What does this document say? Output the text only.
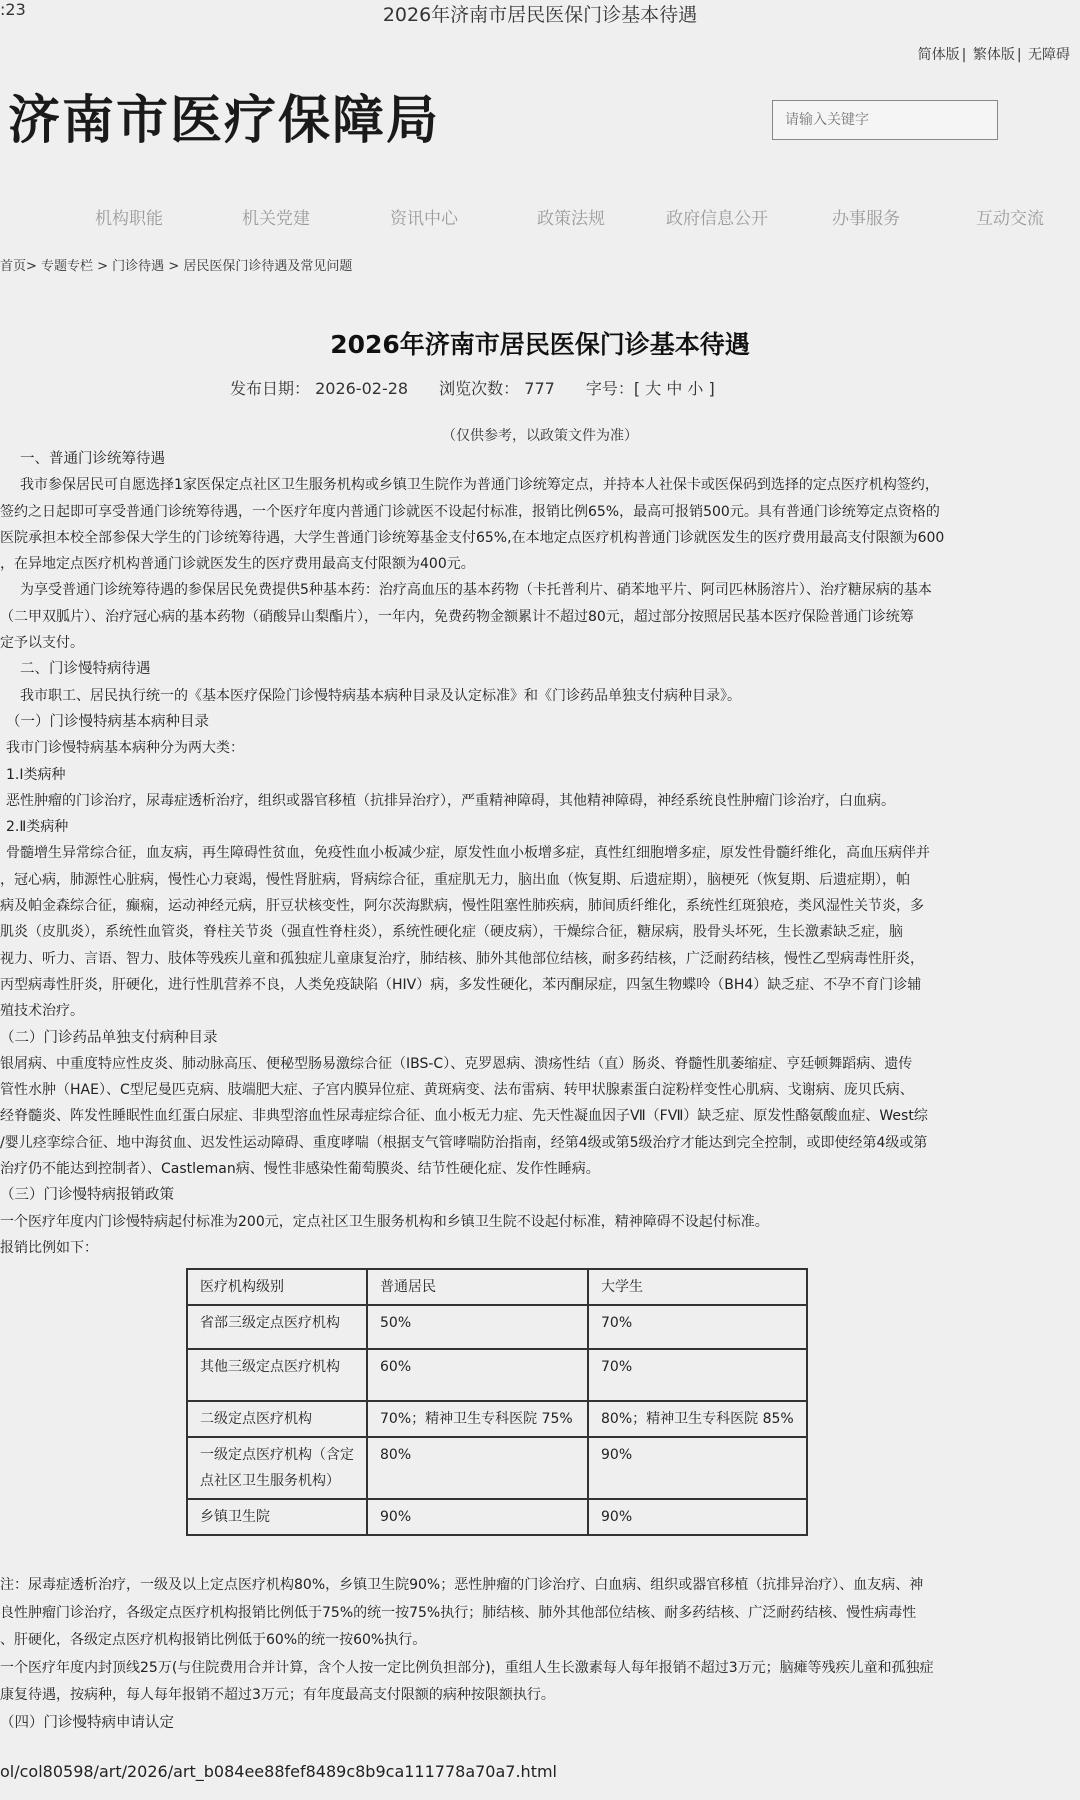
:23	2026年济南市居民医保门诊基本待遇
简体版 | 繁体版 | 无障碍
济南市医疗保障局
请输入关键字
机构职能	机关党建	资讯中心	政策法规	政府信息公开	办事服务	互动交流
首页> 专题专栏 > 门诊待遇 > 居民医保门诊待遇及常见问题
2026年济南市居民医保门诊基本待遇
发布日期： 2026-02-28 浏览次数： 777 字号：[ 大 中 小 ]
（仅供参考，以政策文件为准）

一、普通门诊统筹待遇

我市参保居民可自愿选择1家医保定点社区卫生服务机构或乡镇卫生院作为普通门诊统筹定点，并持本人社保卡或医保码到选择的定点医疗机构签约，

签约之日起即可享受普通门诊统筹待遇，一个医疗年度内普通门诊就医不设起付标准，报销比例65%，最高可报销500元。具有普通门诊统筹定点资格的

医院承担本校全部参保大学生的门诊统筹待遇，大学生普通门诊统筹基金支付65%,在本地定点医疗机构普通门诊就医发生的医疗费用最高支付限额为600

，在异地定点医疗机构普通门诊就医发生的医疗费用最高支付限额为400元。

为享受普通门诊统筹待遇的参保居民免费提供5种基本药：治疗高血压的基本药物（卡托普利片、硝苯地平片、阿司匹林肠溶片）、治疗糖尿病的基本

（二甲双胍片）、治疗冠心病的基本药物（硝酸异山梨酯片），一年内，免费药物金额累计不超过80元，超过部分按照居民基本医疗保险普通门诊统筹

定予以支付。

二、门诊慢特病待遇

我市职工、居民执行统一的《基本医疗保险门诊慢特病基本病种目录及认定标准》和《门诊药品单独支付病种目录》。

（一）门诊慢特病基本病种目录

我市门诊慢特病基本病种分为两大类：

1.Ⅰ类病种

恶性肿瘤的门诊治疗，尿毒症透析治疗，组织或器官移植（抗排异治疗），严重精神障碍，其他精神障碍，神经系统良性肿瘤门诊治疗，白血病。

2.Ⅱ类病种

骨髓增生异常综合征，血友病，再生障碍性贫血，免疫性血小板减少症，原发性血小板增多症，真性红细胞增多症，原发性骨髓纤维化，高血压病伴并

，冠心病，肺源性心脏病，慢性心力衰竭，慢性肾脏病，肾病综合征，重症肌无力，脑出血（恢复期、后遗症期），脑梗死（恢复期、后遗症期），帕

病及帕金森综合征，癫痫，运动神经元病，肝豆状核变性，阿尔茨海默病，慢性阻塞性肺疾病，肺间质纤维化，系统性红斑狼疮，类风湿性关节炎，多

肌炎（皮肌炎），系统性血管炎，脊柱关节炎（强直性脊柱炎），系统性硬化症（硬皮病），干燥综合征，糖尿病，股骨头坏死，生长激素缺乏症，脑

视力、听力、言语、智力、肢体等残疾儿童和孤独症儿童康复治疗，肺结核、肺外其他部位结核，耐多药结核，广泛耐药结核，慢性乙型病毒性肝炎，

丙型病毒性肝炎，肝硬化，进行性肌营养不良，人类免疫缺陷（HIV）病，多发性硬化，苯丙酮尿症，四氢生物蝶呤（BH4）缺乏症、不孕不育门诊辅

殖技术治疗。

（二）门诊药品单独支付病种目录

银屑病、中重度特应性皮炎、肺动脉高压、便秘型肠易激综合征（IBS-C）、克罗恩病、溃疡性结（直）肠炎、脊髓性肌萎缩症、亨廷顿舞蹈病、遗传

管性水肿（HAE）、C型尼曼匹克病、肢端肥大症、子宫内膜异位症、黄斑病变、法布雷病、转甲状腺素蛋白淀粉样变性心肌病、戈谢病、庞贝氏病、

经脊髓炎、阵发性睡眠性血红蛋白尿症、非典型溶血性尿毒症综合征、血小板无力症、先天性凝血因子Ⅶ（FⅦ）缺乏症、原发性酪氨酸血症、West综

/婴儿痉挛综合征、地中海贫血、迟发性运动障碍、重度哮喘（根据支气管哮喘防治指南，经第4级或第5级治疗才能达到完全控制，或即使经第4级或第

治疗仍不能达到控制者）、Castleman病、慢性非感染性葡萄膜炎、结节性硬化症、发作性睡病。

（三）门诊慢特病报销政策

一个医疗年度内门诊慢特病起付标准为200元，定点社区卫生服务机构和乡镇卫生院不设起付标准，精神障碍不设起付标准。

报销比例如下：

医疗机构级别	普通居民	大学生
省部三级定点医疗机构	50%	70%
其他三级定点医疗机构	60%	70%
二级定点医疗机构	70%；精神卫生专科医院 75%	80%；精神卫生专科医院 85%
一级定点医疗机构（含定点社区卫生服务机构）	80%	90%
乡镇卫生院	90%	90%

注：尿毒症透析治疗，一级及以上定点医疗机构80%，乡镇卫生院90%；恶性肿瘤的门诊治疗、白血病、组织或器官移植（抗排异治疗）、血友病、神

良性肿瘤门诊治疗，各级定点医疗机构报销比例低于75%的统一按75%执行；肺结核、肺外其他部位结核、耐多药结核、广泛耐药结核、慢性病毒性

、肝硬化，各级定点医疗机构报销比例低于60%的统一按60%执行。

一个医疗年度内封顶线25万(与住院费用合并计算，含个人按一定比例负担部分)，重组人生长激素每人每年报销不超过3万元；脑瘫等残疾儿童和孤独症

康复待遇，按病种，每人每年报销不超过3万元；有年度最高支付限额的病种按限额执行。

（四）门诊慢特病申请认定

ol/col80598/art/2026/art_b084ee88fef8489c8b9ca111778a70a7.html
